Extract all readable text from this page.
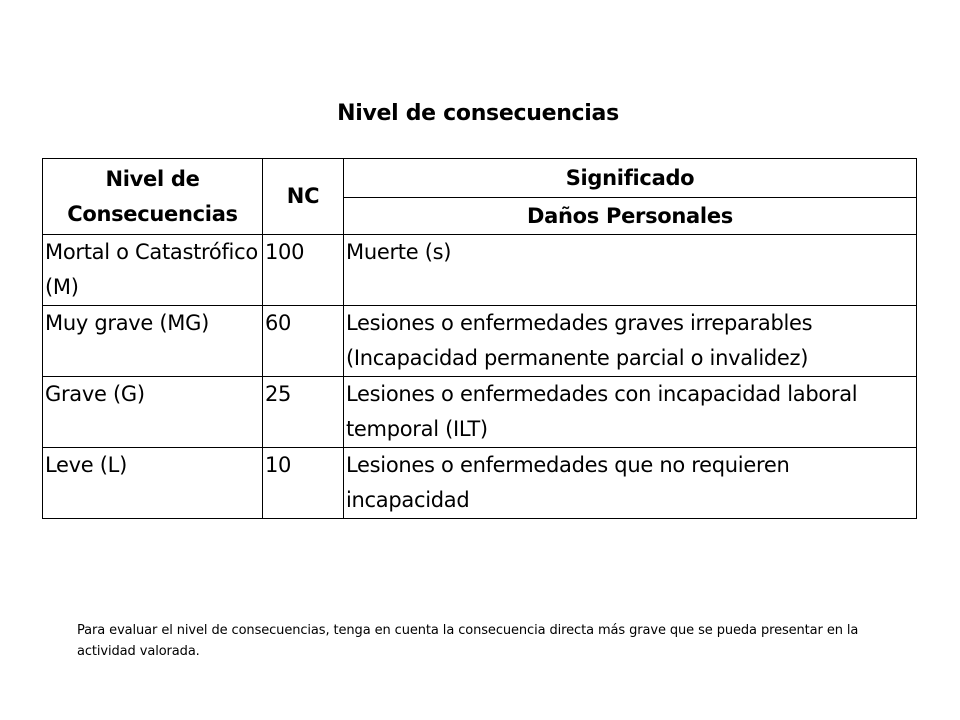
Nivel de consecuencias
Nivel de Consecuencias	NC	Significado
		Daños Personales
Mortal o Catastrófico (M)	100	Muerte (s)
Muy grave (MG)	60	Lesiones o enfermedades graves irreparables (Incapacidad permanente parcial o invalidez)
Grave (G)	25	Lesiones o enfermedades con incapacidad laboral temporal (ILT)
Leve (L)	10	Lesiones o enfermedades que no requieren incapacidad
Para evaluar el nivel de consecuencias, tenga en cuenta la consecuencia directa más grave que se pueda presentar en la actividad valorada.
